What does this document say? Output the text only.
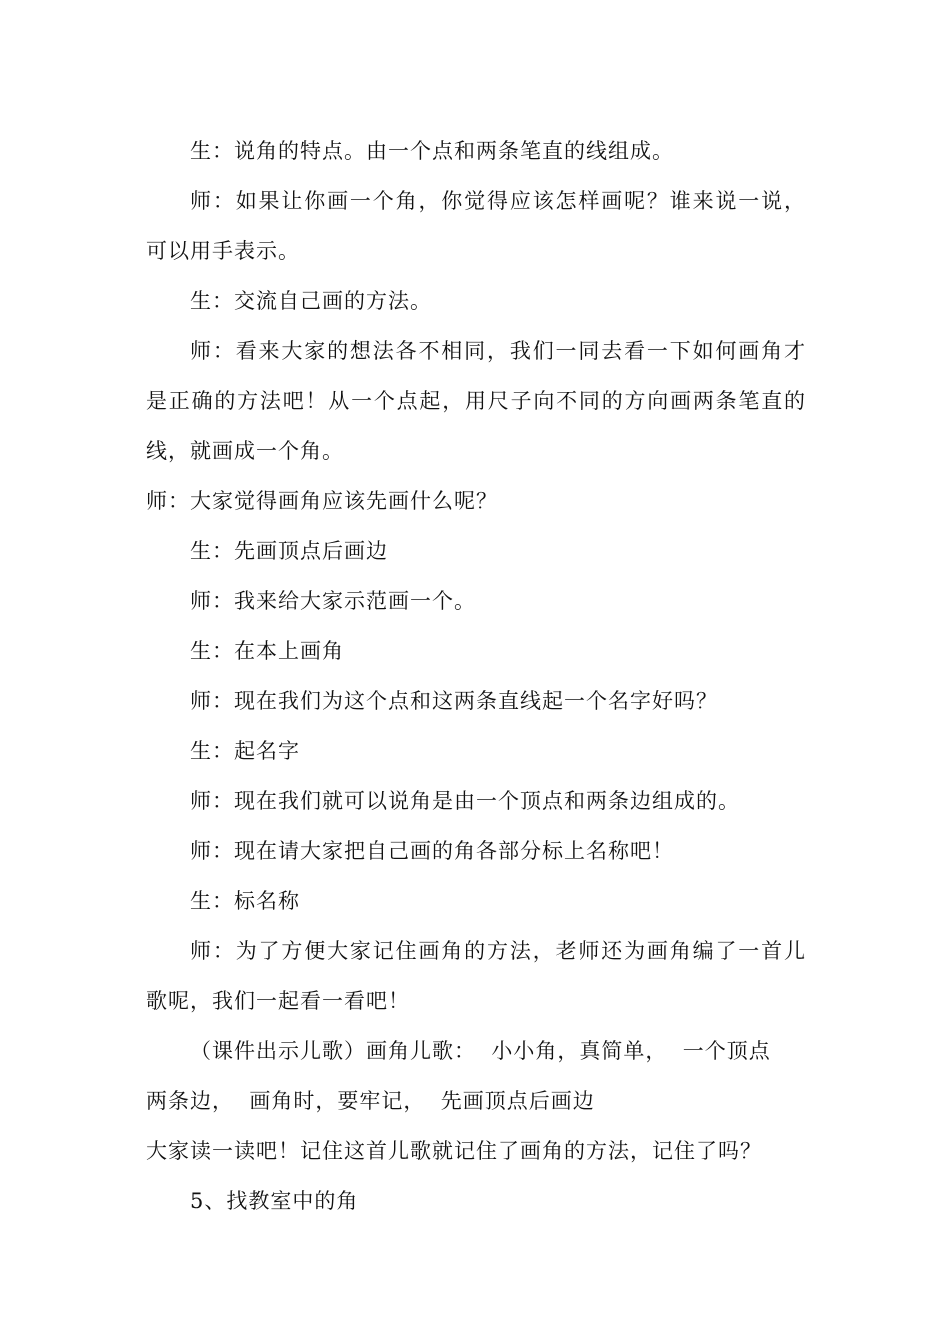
生：说角的特点。由一个点和两条笔直的线组成。
师：如果让你画一个角，你觉得应该怎样画呢？谁来说一说，
可以用手表示。
生：交流自己画的方法。
师：看来大家的想法各不相同，我们一同去看一下如何画角才
是正确的方法吧！从一个点起，用尺子向不同的方向画两条笔直的
线，就画成一个角。
师：大家觉得画角应该先画什么呢？
生：先画顶点后画边
师：我来给大家示范画一个。
生：在本上画角
师：现在我们为这个点和这两条直线起一个名字好吗？
生：起名字
师：现在我们就可以说角是由一个顶点和两条边组成的。
师：现在请大家把自己画的角各部分标上名称吧！
生：标名称
师：为了方便大家记住画角的方法，老师还为画角编了一首儿
歌呢，我们一起看一看吧！
（课件出示儿歌）画角儿歌：  小小角，真简单，  一个顶点
两条边，  画角时，要牢记，  先画顶点后画边
大家读一读吧！记住这首儿歌就记住了画角的方法，记住了吗？
5、找教室中的角
